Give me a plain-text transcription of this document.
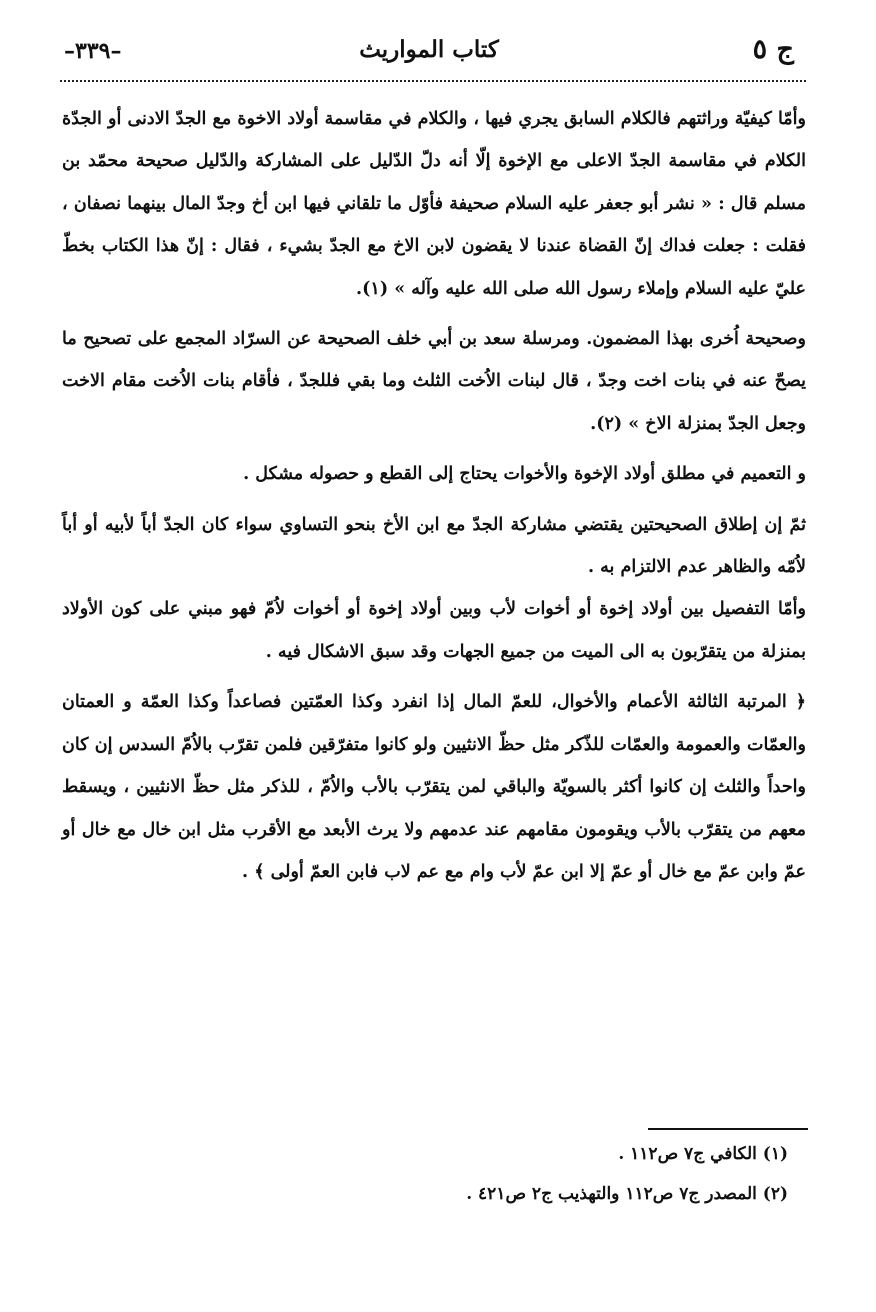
ج ٥
كتاب المواريث
–٣٣٩–

وأمّا كيفيّة وراثتهم فالكلام السابق يجري فيها ، والكلام في مقاسمة أولاد الاخوة مع الجدّ الادنى أو الجدّة الكلام في مقاسمة الجدّ الاعلى مع الإخوة إلّا أنه دلّ الدّليل على المشاركة والدّليل صحيحة محمّد بن مسلم قال : « نشر أبو جعفر عليه السلام صحيفة فأوّل ما تلقاني فيها ابن أخ وجدّ المال بينهما نصفان ، فقلت : جعلت فداك إنّ القضاة عندنا لا يقضون لابن الاخ مع الجدّ بشيء ، فقال : إنّ هذا الكتاب بخطّ عليّ عليه السلام وإملاء رسول الله صلى الله عليه وآله » (١).

وصحيحة اُخرى بهذا المضمون. ومرسلة سعد بن أبي خلف الصحيحة عن السرّاد المجمع على تصحيح ما يصحّ عنه في بنات اخت وجدّ ، قال لبنات الاُخت الثلث وما بقي فللجدّ ، فأقام بنات الاُخت مقام الاخت وجعل الجدّ بمنزلة الاخ » (٢).

و التعميم في مطلق أولاد الإخوة والأخوات يحتاج إلى القطع و حصوله مشكل .

ثمّ إن إطلاق الصحيحتين يقتضي مشاركة الجدّ مع ابن الأخ بنحو التساوي سواء كان الجدّ أباً لأبيه أو أباً لاُمّه والظاهر عدم الالتزام به .

وأمّا التفصيل بين أولاد إخوة أو أخوات لأب وبين أولاد إخوة أو أخوات لاُمّ فهو مبني على كون الأولاد بمنزلة من يتقرّبون به الى الميت من جميع الجهات وقد سبق الاشكال فيه .

﴿ المرتبة الثالثة الأعمام والأخوال، للعمّ المال إذا انفرد وكذا العمّتين فصاعداً وكذا العمّة و العمتان والعمّات والعمومة والعمّات للذّكر مثل حظّ الانثيين ولو كانوا متفرّقين فلمن تقرّب بالاُمّ السدس إن كان واحداً والثلث إن كانوا أكثر بالسويّة والباقي لمن يتقرّب بالأب والاُمّ ، للذكر مثل حظّ الانثيين ، ويسقط معهم من يتقرّب بالأب ويقومون مقامهم عند عدمهم ولا يرث الأبعد مع الأقرب مثل ابن خال مع خال أو عمّ وابن عمّ مع خال أو عمّ إلا ابن عمّ لأب وام مع عم لاب فابن العمّ أولى ﴾ .

(١) الكافي ج٧ ص١١٢ .

(٢) المصدر ج٧ ص١١٢ والتهذيب ج٢ ص٤٢١ .
